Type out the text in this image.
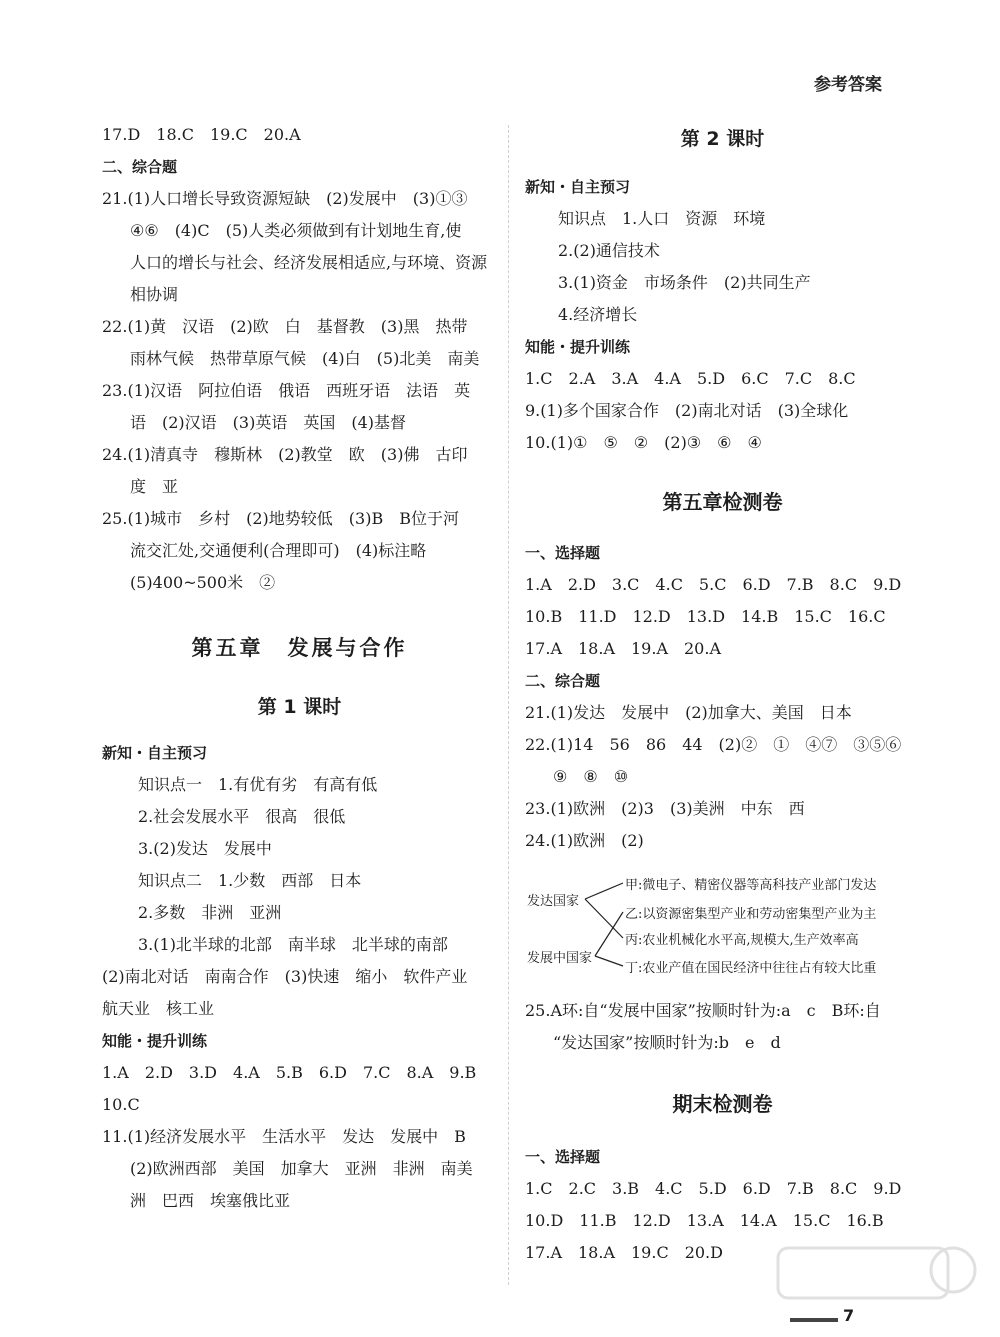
参考答案
17.D　18.C　19.C　20.A
二、综合题
21.(1)人口增长导致资源短缺　(2)发展中　(3)①③
④⑥　(4)C　(5)人类必须做到有计划地生育,使
人口的增长与社会、经济发展相适应,与环境、资源
相协调
22.(1)黄　汉语　(2)欧　白　基督教　(3)黑　热带
雨林气候　热带草原气候　(4)白　(5)北美　南美
23.(1)汉语　阿拉伯语　俄语　西班牙语　法语　英
语　(2)汉语　(3)英语　英国　(4)基督
24.(1)清真寺　穆斯林　(2)教堂　欧　(3)佛　古印
度　亚
25.(1)城市　乡村　(2)地势较低　(3)B　B位于河
流交汇处,交通便利(合理即可)　(4)标注略
(5)400~500米　②
新知・自主预习
知识点一　1.有优有劣　有高有低
2.社会发展水平　很高　很低
3.(2)发达　发展中
知识点二　1.少数　西部　日本
2.多数　非洲　亚洲
3.(1)北半球的北部　南半球　北半球的南部
(2)南北对话　南南合作　(3)快速　缩小　软件产业
航天业　核工业
知能・提升训练
1.A　2.D　3.D　4.A　5.B　6.D　7.C　8.A　9.B
10.C
11.(1)经济发展水平　生活水平　发达　发展中　B
(2)欧洲西部　美国　加拿大　亚洲　非洲　南美
洲　巴西　埃塞俄比亚
第五章　发展与合作
第 1 课时
新知・自主预习
知识点　1.人口　资源　环境
2.(2)通信技术
3.(1)资金　市场条件　(2)共同生产
4.经济增长
知能・提升训练
1.C　2.A　3.A　4.A　5.D　6.C　7.C　8.C
9.(1)多个国家合作　(2)南北对话　(3)全球化
10.(1)①　⑤　②　(2)③　⑥　④
一、选择题
1.A　2.D　3.C　4.C　5.C　6.D　7.B　8.C　9.D
10.B　11.D　12.D　13.D　14.B　15.C　16.C
17.A　18.A　19.A　20.A
二、综合题
21.(1)发达　发展中　(2)加拿大、美国　日本
22.(1)14　56　86　44　(2)②　①　④⑦　③⑤⑥
⑨　⑧　⑩
23.(1)欧洲　(2)3　(3)美洲　中东　西
24.(1)欧洲　(2)
25.A环:自“发展中国家”按顺时针为:a　c　B环:自
“发达国家”按顺时针为:b　e　d
一、选择题
1.C　2.C　3.B　4.C　5.D　6.D　7.B　8.C　9.D
10.D　11.B　12.D　13.A　14.A　15.C　16.B
17.A　18.A　19.C　20.D
第 2 课时
第五章检测卷
期末检测卷
发达国家
发展中国家
甲:微电子、精密仪器等高科技产业部门发达
乙:以资源密集型产业和劳动密集型产业为主
丙:农业机械化水平高,规模大,生产效率高
丁:农业产值在国民经济中往往占有较大比重
7
